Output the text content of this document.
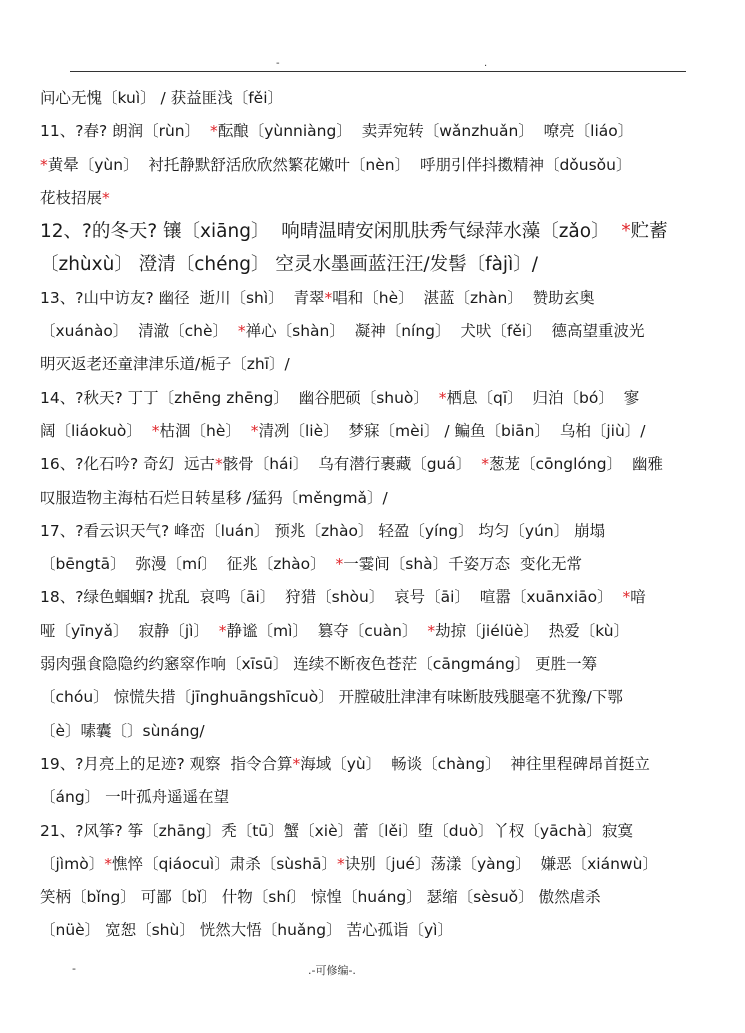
-	.
问心无愧〔kuì〕 / 获益匪浅〔fěi〕
11、?春? 朗润〔rùn〕  *酝酿〔yùnniàng〕  卖弄宛转〔wǎnzhuǎn〕  嘹亮〔liáo〕
*黄晕〔yùn〕  衬托静默舒活欣欣然繁花嫩叶〔nèn〕  呼朋引伴抖擞精神〔dǒusǒu〕
花枝招展*
12、?的冬天? 镶〔xiāng〕  响晴温晴安闲肌肤秀气绿萍水藻〔zǎo〕  *贮蓄
〔zhùxù〕 澄清〔chéng〕 空灵水墨画蓝汪汪/发髻〔fàjì〕/
13、?山中访友? 幽径  逝川〔shì〕  青翠*唱和〔hè〕  湛蓝〔zhàn〕  赞助玄奥
〔xuánào〕  清澈〔chè〕  *禅心〔shàn〕  凝神〔níng〕  犬吠〔fěi〕  德高望重波光
明灭返老还童津津乐道/栀子〔zhī〕/
14、?秋天? 丁丁〔zhēng zhēng〕  幽谷肥硕〔shuò〕  *栖息〔qī〕  归泊〔bó〕  寥
阔〔liáokuò〕  *枯涸〔hè〕  *清冽〔liè〕  梦寐〔mèi〕 / 鳊鱼〔biān〕  乌桕〔jiù〕/
16、?化石吟? 奇幻  远古*骸骨〔hái〕  乌有潜行裹藏〔guá〕  *葱茏〔cōnglóng〕  幽雅
叹服造物主海枯石烂日转星移 /猛犸〔měngmǎ〕/
17、?看云识天气? 峰峦〔luán〕 预兆〔zhào〕 轻盈〔yíng〕 均匀〔yún〕 崩塌
〔bēngtā〕  弥漫〔mí〕  征兆〔zhào〕  *一霎间〔shà〕千姿万态  变化无常
18、?绿色蝈蝈? 扰乱  哀鸣〔āi〕  狩猎〔shòu〕  哀号〔āi〕  喧嚣〔xuānxiāo〕  *喑
哑〔yīnyǎ〕  寂静〔jì〕  *静谧〔mì〕  篡夺〔cuàn〕  *劫掠〔jiélüè〕  热爱〔kù〕
弱肉强食隐隐约约窸窣作响〔xīsū〕 连续不断夜色苍茫〔cāngmáng〕 更胜一筹
〔chóu〕 惊慌失措〔jīnghuāngshīcuò〕 开膛破肚津津有味断肢残腿毫不犹豫/下鄂
〔è〕嗉囊〔〕sùnáng/
19、?月亮上的足迹? 观察  指令合算*海域〔yù〕  畅谈〔chàng〕  神往里程碑昂首挺立
〔áng〕 一叶孤舟遥遥在望
21、?风筝? 筝〔zhāng〕秃〔tū〕蟹〔xiè〕蕾〔lěi〕堕〔duò〕丫杈〔yāchà〕寂寞
〔jìmò〕*憔悴〔qiáocuì〕肃杀〔sùshā〕*诀别〔jué〕荡漾〔yàng〕  嫌恶〔xiánwù〕
笑柄〔bǐng〕 可鄙〔bǐ〕 什物〔shí〕 惊惶〔huáng〕 瑟缩〔sèsuǒ〕 傲然虐杀
〔nüè〕 宽恕〔shù〕 恍然大悟〔huǎng〕 苦心孤诣〔yì〕
-	.-可修编-.
